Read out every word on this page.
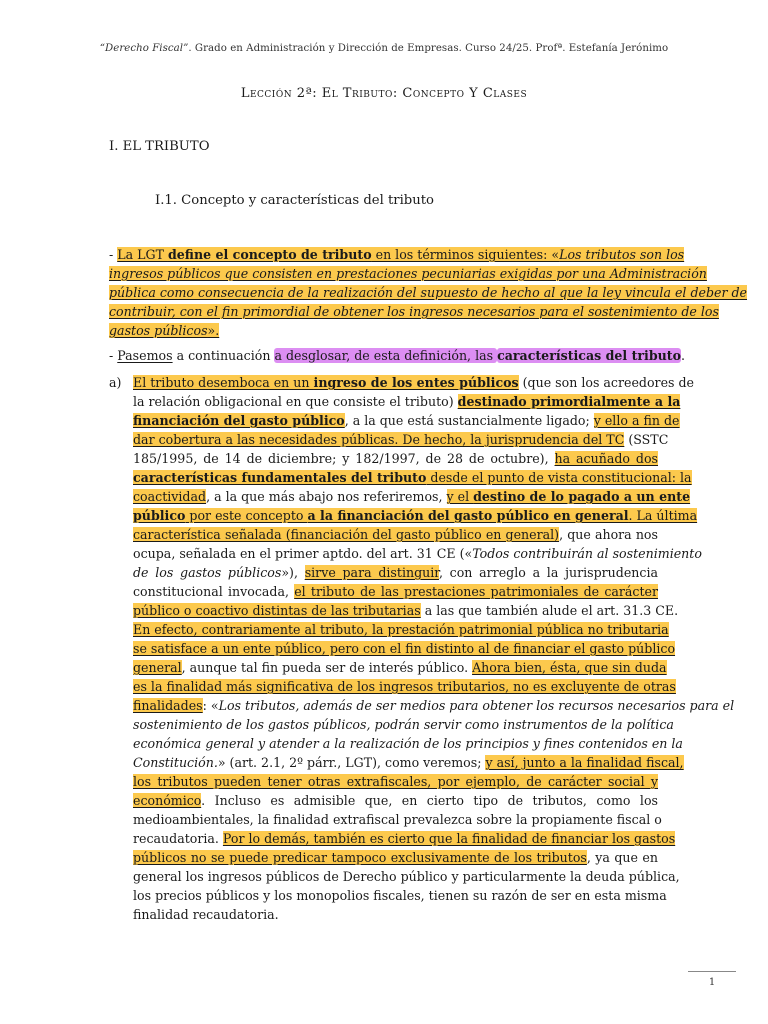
“Derecho Fiscal”. Grado en Administración y Dirección de Empresas. Curso 24/25. Profª. Estefanía Jerónimo
Lección 2ª: El Tributo: Concepto Y Clases
I. EL TRIBUTO
I.1. Concepto y características del tributo
- La LGT define el concepto de tributo en los términos siguientes: «Los tributos son los
ingresos públicos que consisten en prestaciones pecuniarias exigidas por una Administración
pública como consecuencia de la realización del supuesto de hecho al que la ley vincula el deber de
contribuir, con el fin primordial de obtener los ingresos necesarios para el sostenimiento de los
gastos públicos».
- Pasemos a continuación a desglosar, de esta definición, las características del tributo.
a) El tributo desemboca en un ingreso de los entes públicos (que son los acreedores de
la relación obligacional en que consiste el tributo) destinado primordialmente a la
financiación del gasto público, a la que está sustancialmente ligado; y ello a fin de
dar cobertura a las necesidades públicas. De hecho, la jurisprudencia del TC (SSTC
185/1995, de 14 de diciembre; y 182/1997, de 28 de octubre), ha acuñado dos
características fundamentales del tributo desde el punto de vista constitucional: la
coactividad, a la que más abajo nos referiremos, y el destino de lo pagado a un ente
público por este concepto a la financiación del gasto público en general. La última
característica señalada (financiación del gasto público en general), que ahora nos
ocupa, señalada en el primer aptdo. del art. 31 CE («Todos contribuirán al sostenimiento
de los gastos públicos»), sirve para distinguir, con arreglo a la jurisprudencia
constitucional invocada, el tributo de las prestaciones patrimoniales de carácter
público o coactivo distintas de las tributarias a las que también alude el art. 31.3 CE.
En efecto, contrariamente al tributo, la prestación patrimonial pública no tributaria
se satisface a un ente público, pero con el fin distinto al de financiar el gasto público
general, aunque tal fin pueda ser de interés público. Ahora bien, ésta, que sin duda
es la finalidad más significativa de los ingresos tributarios, no es excluyente de otras
finalidades: «Los tributos, además de ser medios para obtener los recursos necesarios para el
sostenimiento de los gastos públicos, podrán servir como instrumentos de la política
económica general y atender a la realización de los principios y fines contenidos en la
Constitución.» (art. 2.1, 2º párr., LGT), como veremos; y así, junto a la finalidad fiscal,
los tributos pueden tener otras extrafiscales, por ejemplo, de carácter social y
económico. Incluso es admisible que, en cierto tipo de tributos, como los
medioambientales, la finalidad extrafiscal prevalezca sobre la propiamente fiscal o
recaudatoria. Por lo demás, también es cierto que la finalidad de financiar los gastos
públicos no se puede predicar tampoco exclusivamente de los tributos, ya que en
general los ingresos públicos de Derecho público y particularmente la deuda pública,
los precios públicos y los monopolios fiscales, tienen su razón de ser en esta misma
finalidad recaudatoria.
1
